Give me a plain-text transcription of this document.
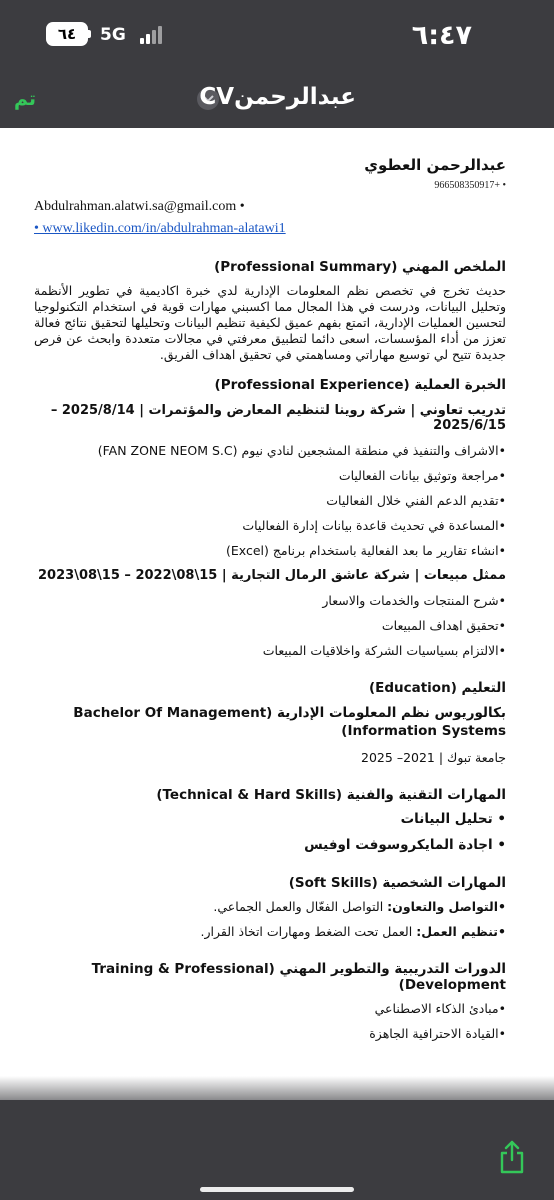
٦٤	5G	٦:٤٧
تم	عبدالرحمنCV
عبدالرحمن العطوي
966508350917+ •
Abdulrahman.alatwi.sa@gmail.com •
• www.likedin.com/in/abdulrahman-alatawi1
الملخص المهني (Professional Summary)
حديث تخرج في تخصص نظم المعلومات الإدارية لدي خبرة اكاديمية في تطوير الأنظمة وتحليل البيانات، ودرست في هذا المجال مما اكسبني مهارات قوية في استخدام التكنولوجيا لتحسين العمليات الإدارية، اتمتع بفهم عميق لكيفية تنظيم البيانات وتحليلها لتحقيق نتائج فعالة تعزز من أداء المؤسسات، اسعى دائما لتطبيق معرفتي في مجالات متعددة وابحث عن فرص جديدة تتيح لي توسيع مهاراتي ومساهمتي في تحقيق اهداف الفريق.
الخبرة العملية (Professional Experience)
تدريب تعاوني | شركة روينا لتنظيم المعارض والمؤتمرات | 2025/8/14 – 2025/6/15
•الاشراف والتنفيذ في منطقة المشجعين لنادي نيوم (FAN ZONE NEOM S.C)
•مراجعة وتوثيق بيانات الفعاليات
•تقديم الدعم الفني خلال الفعاليات
•المساعدة في تحديث قاعدة بيانات إدارة الفعاليات
•انشاء تقارير ما بعد الفعالية باستخدام برنامج (Excel)
ممثل مبيعات | شركة عاشق الرمال التجارية | 15\08\2022 – 15\08\2023
•شرح المنتجات والخدمات والاسعار
•تحقيق اهداف المبيعات
•الالتزام بسياسيات الشركة واخلاقيات المبيعات
التعليم (Education)
بكالوريوس نظم المعلومات الإدارية (Bachelor Of Management Information Systems)
جامعة تبوك | 2021– 2025
المهارات التقنية والفنية (Technical & Hard Skills)
• تحليل البيانات
• اجادة المايكروسوفت اوفيس
المهارات الشخصية (Soft Skills)
•التواصل والتعاون: التواصل الفعّال والعمل الجماعي.
•تنظيم العمل: العمل تحت الضغط ومهارات اتخاذ القرار.
الدورات التدريبية والتطوير المهني (Training & Professional Development)
•مبادئ الذكاء الاصطناعي
•القيادة الاحترافية الجاهزة
